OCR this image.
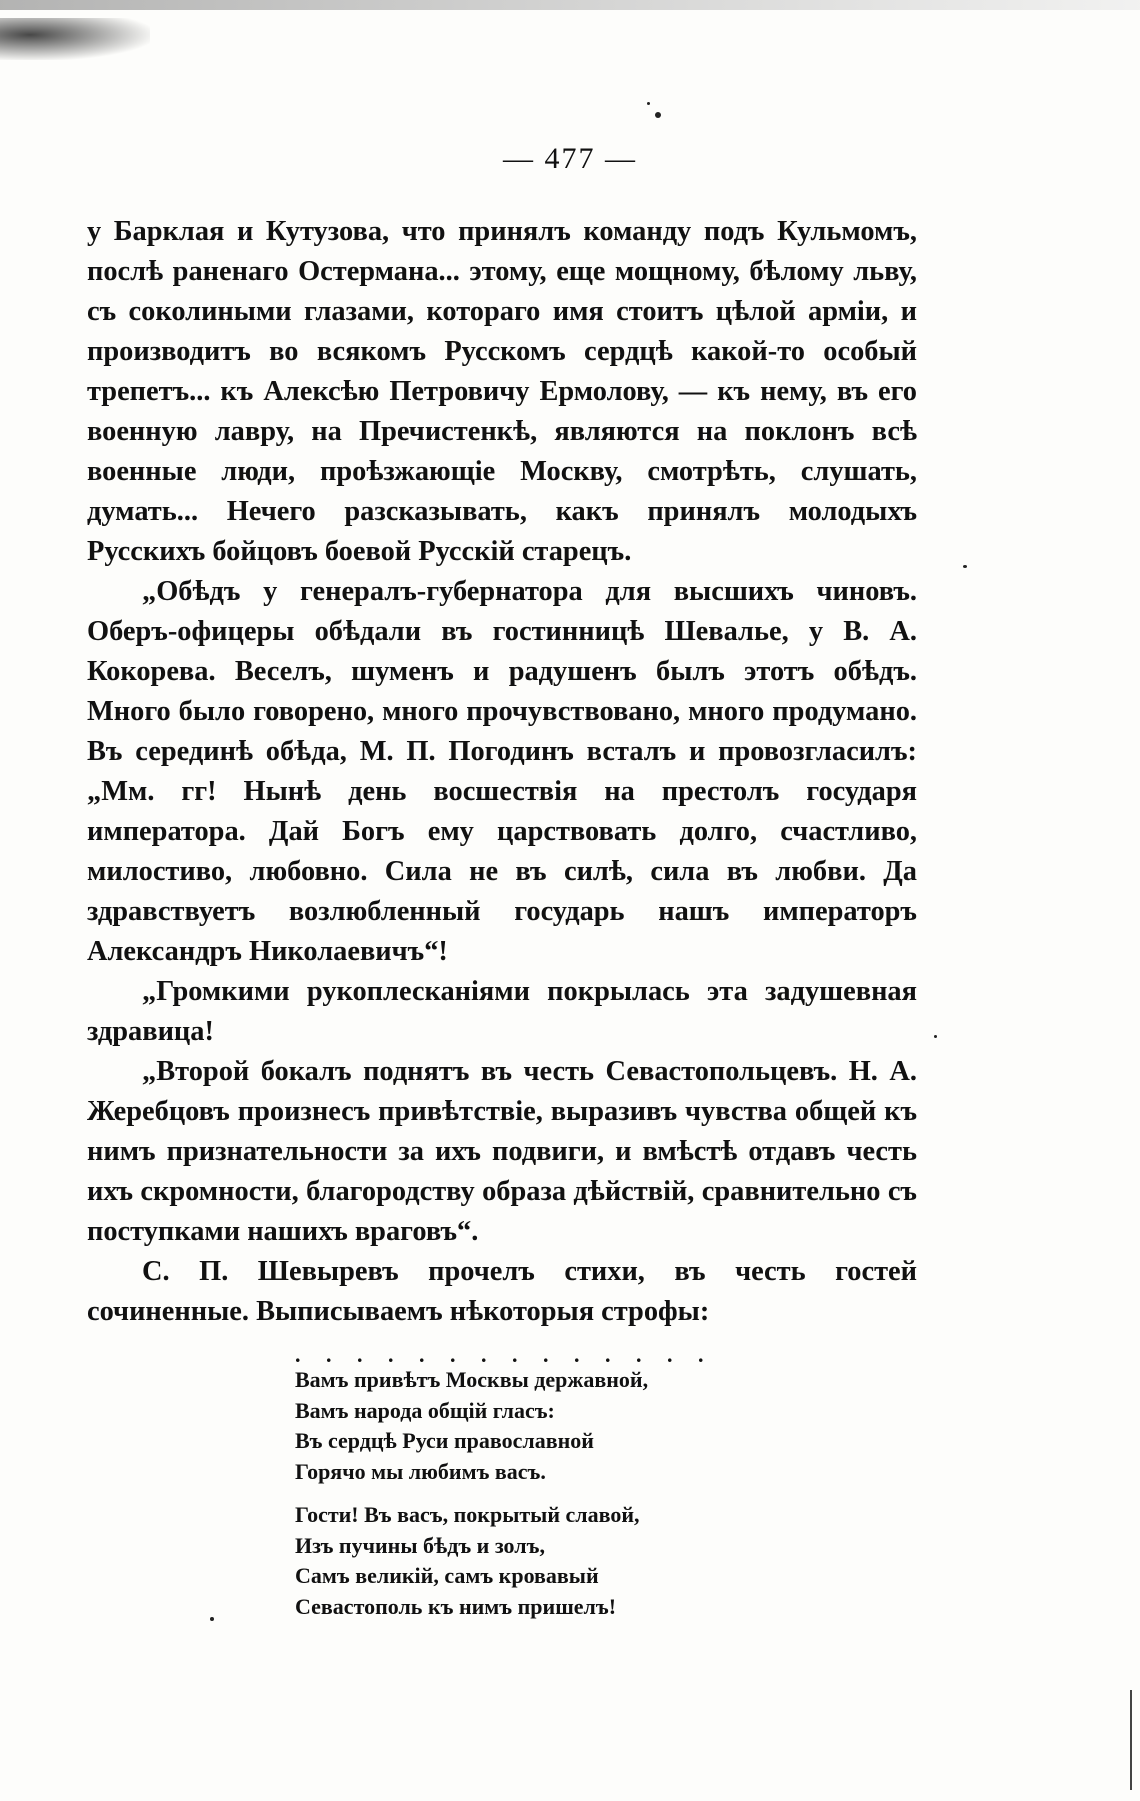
— 477 —

у Барклая и Кутузова, что принялъ команду подъ Кульмомъ, послѣ раненаго Остермана... этому, еще мощному, бѣлому льву, съ соколиными глазами, котораго имя стоитъ цѣлой арміи, и производитъ во всякомъ Русскомъ сердцѣ какой-то особый трепетъ... къ Алексѣю Петровичу Ермолову, — къ нему, въ его военную лавру, на Пречистенкѣ, являются на поклонъ всѣ военные люди, проѣзжающіе Москву, смотрѣть, слушать, думать... Нечего разсказывать, какъ принялъ молодыхъ Русскихъ бойцовъ боевой Русскій старецъ.

„Обѣдъ у генералъ-губернатора для высшихъ чиновъ. Оберъ-офицеры обѣдали въ гостинницѣ Шевалье, у В. А. Кокорева. Веселъ, шуменъ и радушенъ былъ этотъ обѣдъ. Много было говорено, много прочувствовано, много продумано. Въ серединѣ обѣда, М. П. Погодинъ всталъ и провозгласилъ: „Мм. гг! Нынѣ день восшествія на престолъ государя императора. Дай Богъ ему царствовать долго, счастливо, милостиво, любовно. Сила не въ силѣ, сила въ любви. Да здравствуетъ возлюбленный государь нашъ императоръ Александръ Николаевичъ“!

„Громкими рукоплесканіями покрылась эта задушевная здравица!

„Второй бокалъ поднятъ въ честь Севастопольцевъ. Н. А. Жеребцовъ произнесъ привѣтствіе, выразивъ чувства общей къ нимъ признательности за ихъ подвиги, и вмѣстѣ отдавъ честь ихъ скромности, благородству образа дѣйствій, сравнительно съ поступками нашихъ враговъ“.

С. П. Шевыревъ прочелъ стихи, въ честь гостей сочиненные. Выписываемъ нѣкоторыя строфы:

. . . . . . . . . . . . . .
Вамъ привѣтъ Москвы державной,
Вамъ народа общій гласъ:
Въ сердцѣ Руси православной
Горячо мы любимъ васъ.
Гости! Въ васъ, покрытый славой,
Изъ пучины бѣдъ и золъ,
Самъ великій, самъ кровавый
Севастополь къ нимъ пришелъ!
